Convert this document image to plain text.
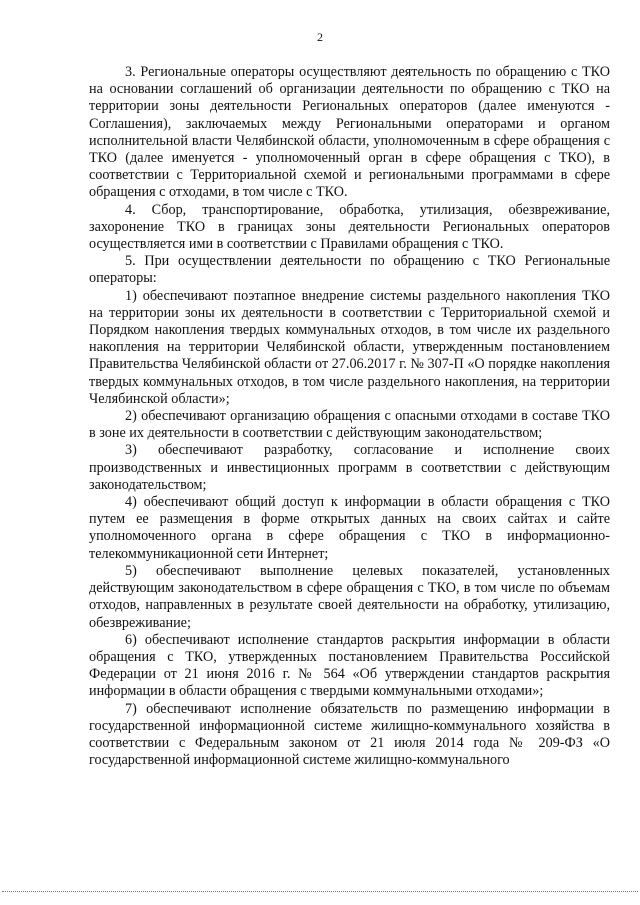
2

3. Региональные операторы осуществляют деятельность по обращению с ТКО на основании соглашений об организации деятельности по обращению с ТКО на территории зоны деятельности Региональных операторов (далее именуются - Соглашения), заключаемых между Региональными операторами и органом исполнительной власти Челябинской области, уполномоченным в сфере обращения с ТКО (далее именуется - уполномоченный орган в сфере обращения с ТКО), в соответствии с Территориальной схемой и региональными программами в сфере обращения с отходами, в том числе с ТКО.

4. Сбор, транспортирование, обработка, утилизация, обезвреживание, захоронение ТКО в границах зоны деятельности Региональных операторов осуществляется ими в соответствии с Правилами обращения с ТКО.

5. При осуществлении деятельности по обращению с ТКО Региональные операторы:

1) обеспечивают поэтапное внедрение системы раздельного накопления ТКО на территории зоны их деятельности в соответствии с Территориальной схемой и Порядком накопления твердых коммунальных отходов, в том числе их раздельного накопления на территории Челябинской области, утвержденным постановлением Правительства Челябинской области от 27.06.2017 г. № 307-П «О порядке накопления твердых коммунальных отходов, в том числе раздельного накопления, на территории Челябинской области»;

2) обеспечивают организацию обращения с опасными отходами в составе ТКО в зоне их деятельности в соответствии с действующим законодательством;

3) обеспечивают разработку, согласование и исполнение своих производственных и инвестиционных программ в соответствии с действующим законодательством;

4) обеспечивают общий доступ к информации в области обращения с ТКО путем ее размещения в форме открытых данных на своих сайтах и сайте уполномоченного органа в сфере обращения с ТКО в информационно-телекоммуникационной сети Интернет;

5) обеспечивают выполнение целевых показателей, установленных действующим законодательством в сфере обращения с ТКО, в том числе по объемам отходов, направленных в результате своей деятельности на обработку, утилизацию, обезвреживание;

6) обеспечивают исполнение стандартов раскрытия информации в области обращения с ТКО, утвержденных постановлением Правительства Российской Федерации от 21 июня 2016 г. № 564 «Об утверждении стандартов раскрытия информации в области обращения с твердыми коммунальными отходами»;

7) обеспечивают исполнение обязательств по размещению информации в государственной информационной системе жилищно-коммунального хозяйства в соответствии с Федеральным законом от 21 июля 2014 года № 209-ФЗ «О государственной информационной системе жилищно-коммунального
